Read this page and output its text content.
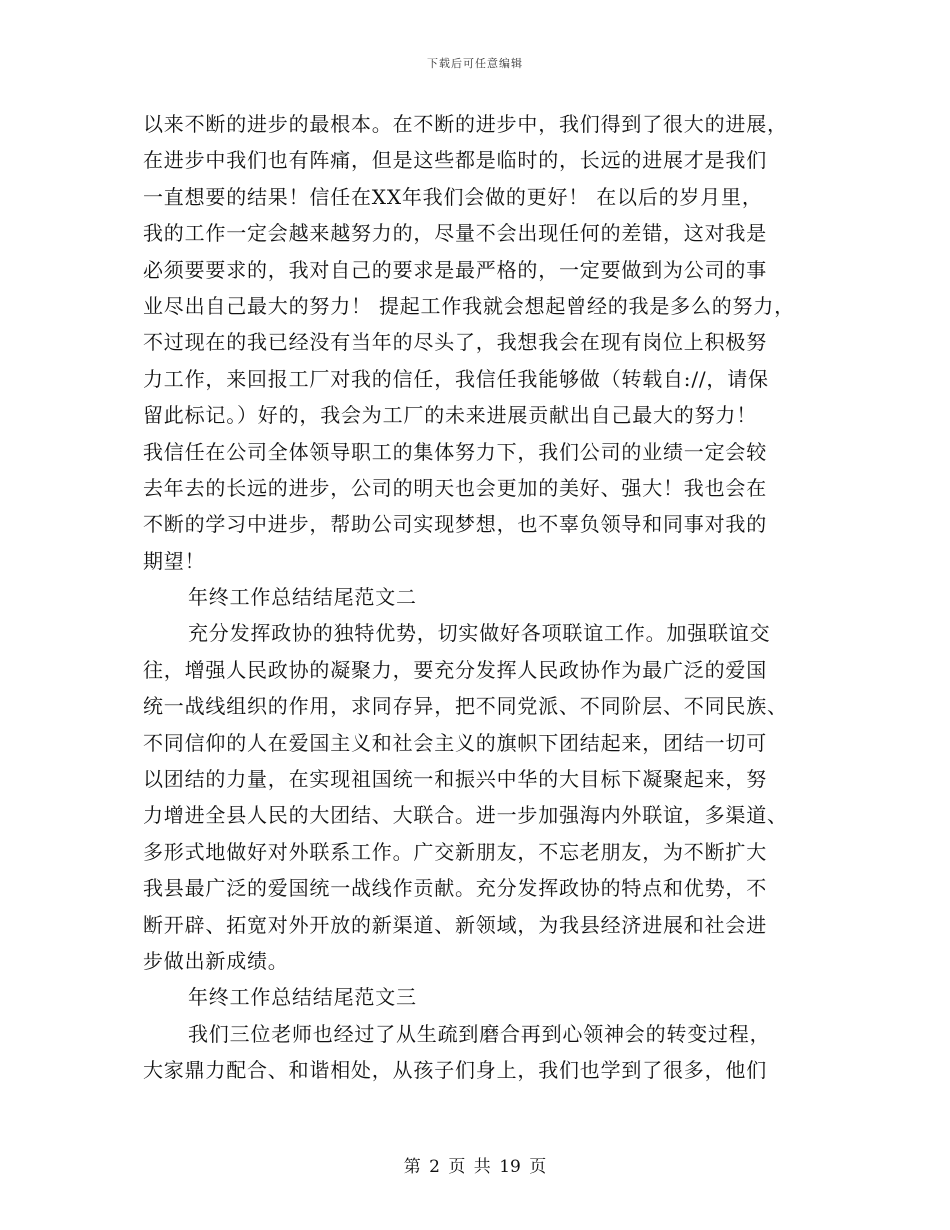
下载后可任意编辑
以来不断的进步的最根本。在不断的进步中，我们得到了很大的进展，
在进步中我们也有阵痛，但是这些都是临时的，长远的进展才是我们
一直想要的结果！信任在XX年我们会做的更好！ 在以后的岁月里，
我的工作一定会越来越努力的，尽量不会出现任何的差错，这对我是
必须要要求的，我对自己的要求是最严格的，一定要做到为公司的事
业尽出自己最大的努力！ 提起工作我就会想起曾经的我是多么的努力，
不过现在的我已经没有当年的尽头了，我想我会在现有岗位上积极努
力工作，来回报工厂对我的信任，我信任我能够做（转载自://，请保
留此标记。）好的，我会为工厂的未来进展贡献出自己最大的努力！
我信任在公司全体领导职工的集体努力下，我们公司的业绩一定会较
去年去的长远的进步，公司的明天也会更加的美好、强大！我也会在
不断的学习中进步，帮助公司实现梦想，也不辜负领导和同事对我的
期望！
年终工作总结结尾范文二
充分发挥政协的独特优势，切实做好各项联谊工作。加强联谊交
往，增强人民政协的凝聚力，要充分发挥人民政协作为最广泛的爱国
统一战线组织的作用，求同存异，把不同党派、不同阶层、不同民族、
不同信仰的人在爱国主义和社会主义的旗帜下团结起来，团结一切可
以团结的力量，在实现祖国统一和振兴中华的大目标下凝聚起来，努
力增进全县人民的大团结、大联合。进一步加强海内外联谊，多渠道、
多形式地做好对外联系工作。广交新朋友，不忘老朋友，为不断扩大
我县最广泛的爱国统一战线作贡献。充分发挥政协的特点和优势，不
断开辟、拓宽对外开放的新渠道、新领域，为我县经济进展和社会进
步做出新成绩。
年终工作总结结尾范文三
我们三位老师也经过了从生疏到磨合再到心领神会的转变过程，
大家鼎力配合、和谐相处，从孩子们身上，我们也学到了很多，他们
第 2 页 共 19 页
